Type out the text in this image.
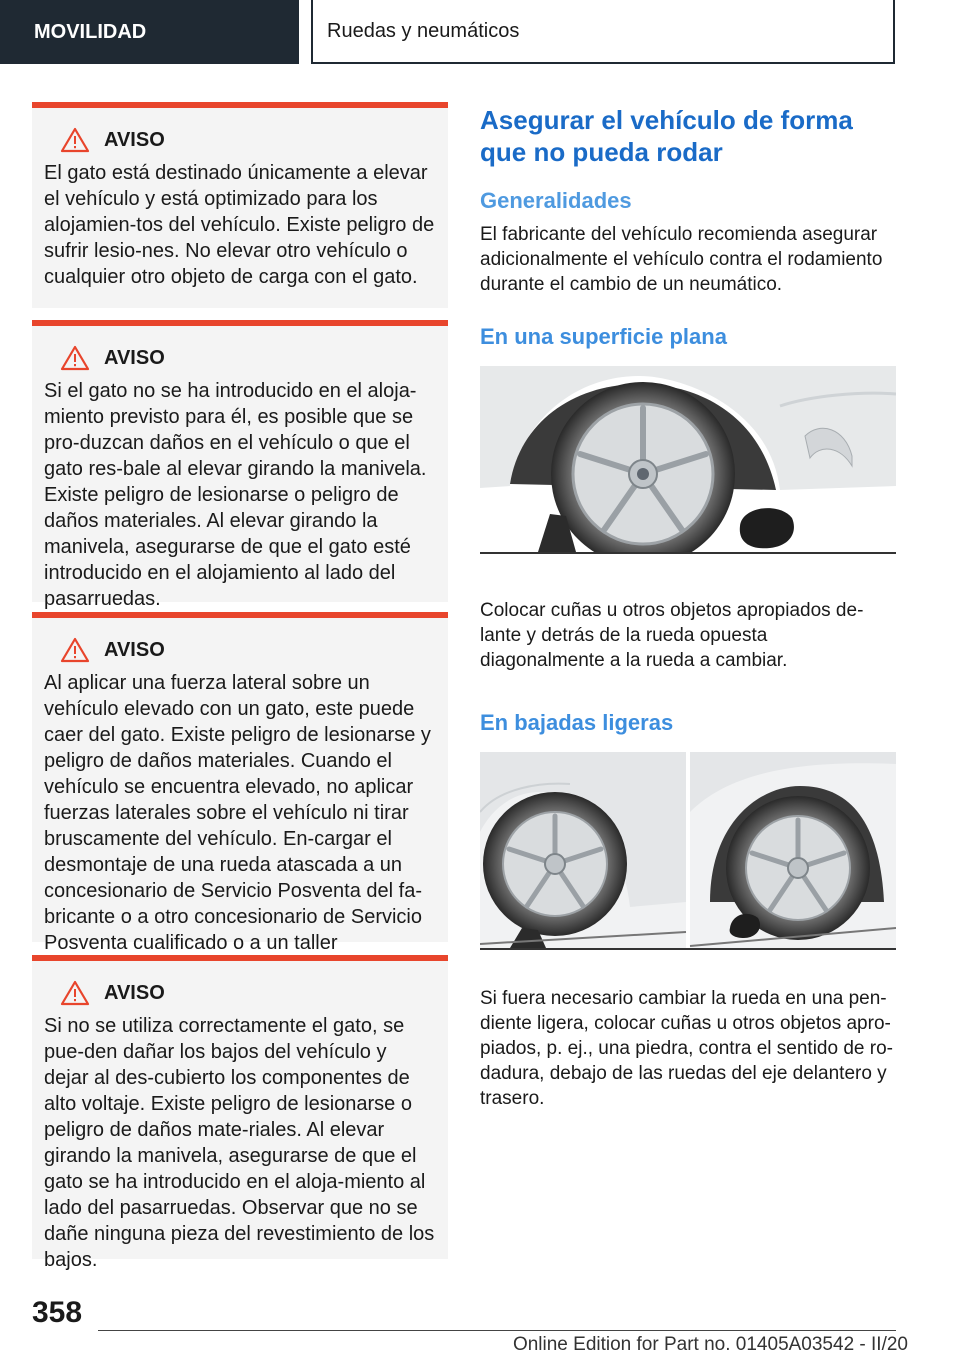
MOVILIDAD	Ruedas y neumáticos
AVISO

El gato está destinado únicamente a elevar el vehículo y está optimizado para los alojamien-tos del vehículo. Existe peligro de sufrir lesio-nes. No elevar otro vehículo o cualquier otro objeto de carga con el gato.

AVISO

Si el gato no se ha introducido en el aloja-miento previsto para él, es posible que se pro-duzcan daños en el vehículo o que el gato res-bale al elevar girando la manivela. Existe peligro de lesionarse o peligro de daños materiales. Al elevar girando la manivela, asegurarse de que el gato esté introducido en el alojamiento al lado del pasarruedas.

AVISO

Al aplicar una fuerza lateral sobre un vehículo elevado con un gato, este puede caer del gato. Existe peligro de lesionarse y peligro de daños materiales. Cuando el vehículo se encuentra elevado, no aplicar fuerzas laterales sobre el vehículo ni tirar bruscamente del vehículo. En-cargar el desmontaje de una rueda atascada a un concesionario de Servicio Posventa del fa-bricante o a otro concesionario de Servicio Posventa cualificado o a un taller

AVISO

Si no se utiliza correctamente el gato, se pue-den dañar los bajos del vehículo y dejar al des-cubierto los componentes de alto voltaje. Existe peligro de lesionarse o peligro de daños mate-riales. Al elevar girando la manivela, asegurarse de que el gato se ha introducido en el aloja-miento al lado del pasarruedas. Observar que no se dañe ninguna pieza del revestimiento de los bajos.

Asegurar el vehículo de forma que no pueda rodar
Generalidades

El fabricante del vehículo recomienda asegurar adicionalmente el vehículo contra el rodamiento durante el cambio de un neumático.

En una superficie plana

Colocar cuñas u otros objetos apropiados de-lante y detrás de la rueda opuesta diagonalmente a la rueda a cambiar.

En bajadas ligeras

Si fuera necesario cambiar la rueda en una pen-diente ligera, colocar cuñas u otros objetos apro-piados, p. ej., una piedra, contra el sentido de ro-dadura, debajo de las ruedas del eje delantero y trasero.

358
Online Edition for Part no. 01405A03542 - II/20
